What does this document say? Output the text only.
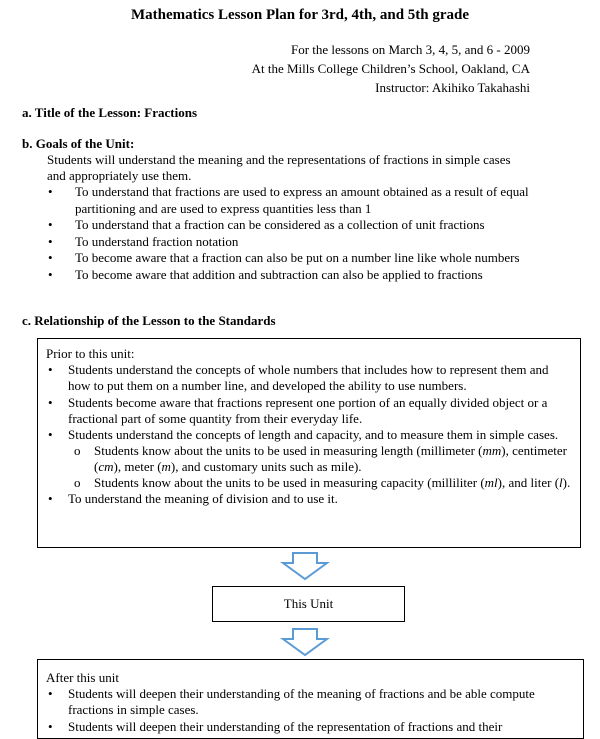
Mathematics Lesson Plan for 3rd, 4th, and 5th grade
For the lessons on March 3, 4, 5, and 6 - 2009
At the Mills College Children’s School, Oakland, CA
Instructor: Akihiko Takahashi
a. Title of the Lesson: Fractions
b. Goals of the Unit:
Students will understand the meaning and the representations of fractions in simple cases and appropriately use them.
• To understand that fractions are used to express an amount obtained as a result of equal partitioning and are used to express quantities less than 1
• To understand that a fraction can be considered as a collection of unit fractions
• To understand fraction notation
• To become aware that a fraction can also be put on a number line like whole numbers
• To become aware that addition and subtraction can also be applied to fractions
c. Relationship of the Lesson to the Standards
Prior to this unit:
• Students understand the concepts of whole numbers that includes how to represent them and how to put them on a number line, and developed the ability to use numbers.
• Students become aware that fractions represent one portion of an equally divided object or a fractional part of some quantity from their everyday life.
• Students understand the concepts of length and capacity, and to measure them in simple cases.
o Students know about the units to be used in measuring length (millimeter (mm), centimeter (cm), meter (m), and customary units such as mile).
o Students know about the units to be used in measuring capacity (milliliter (ml), and liter (l).
• To understand the meaning of division and to use it.
This Unit
After this unit
• Students will deepen their understanding of the meaning of fractions and be able compute fractions in simple cases.
• Students will deepen their understanding of the representation of fractions and their
